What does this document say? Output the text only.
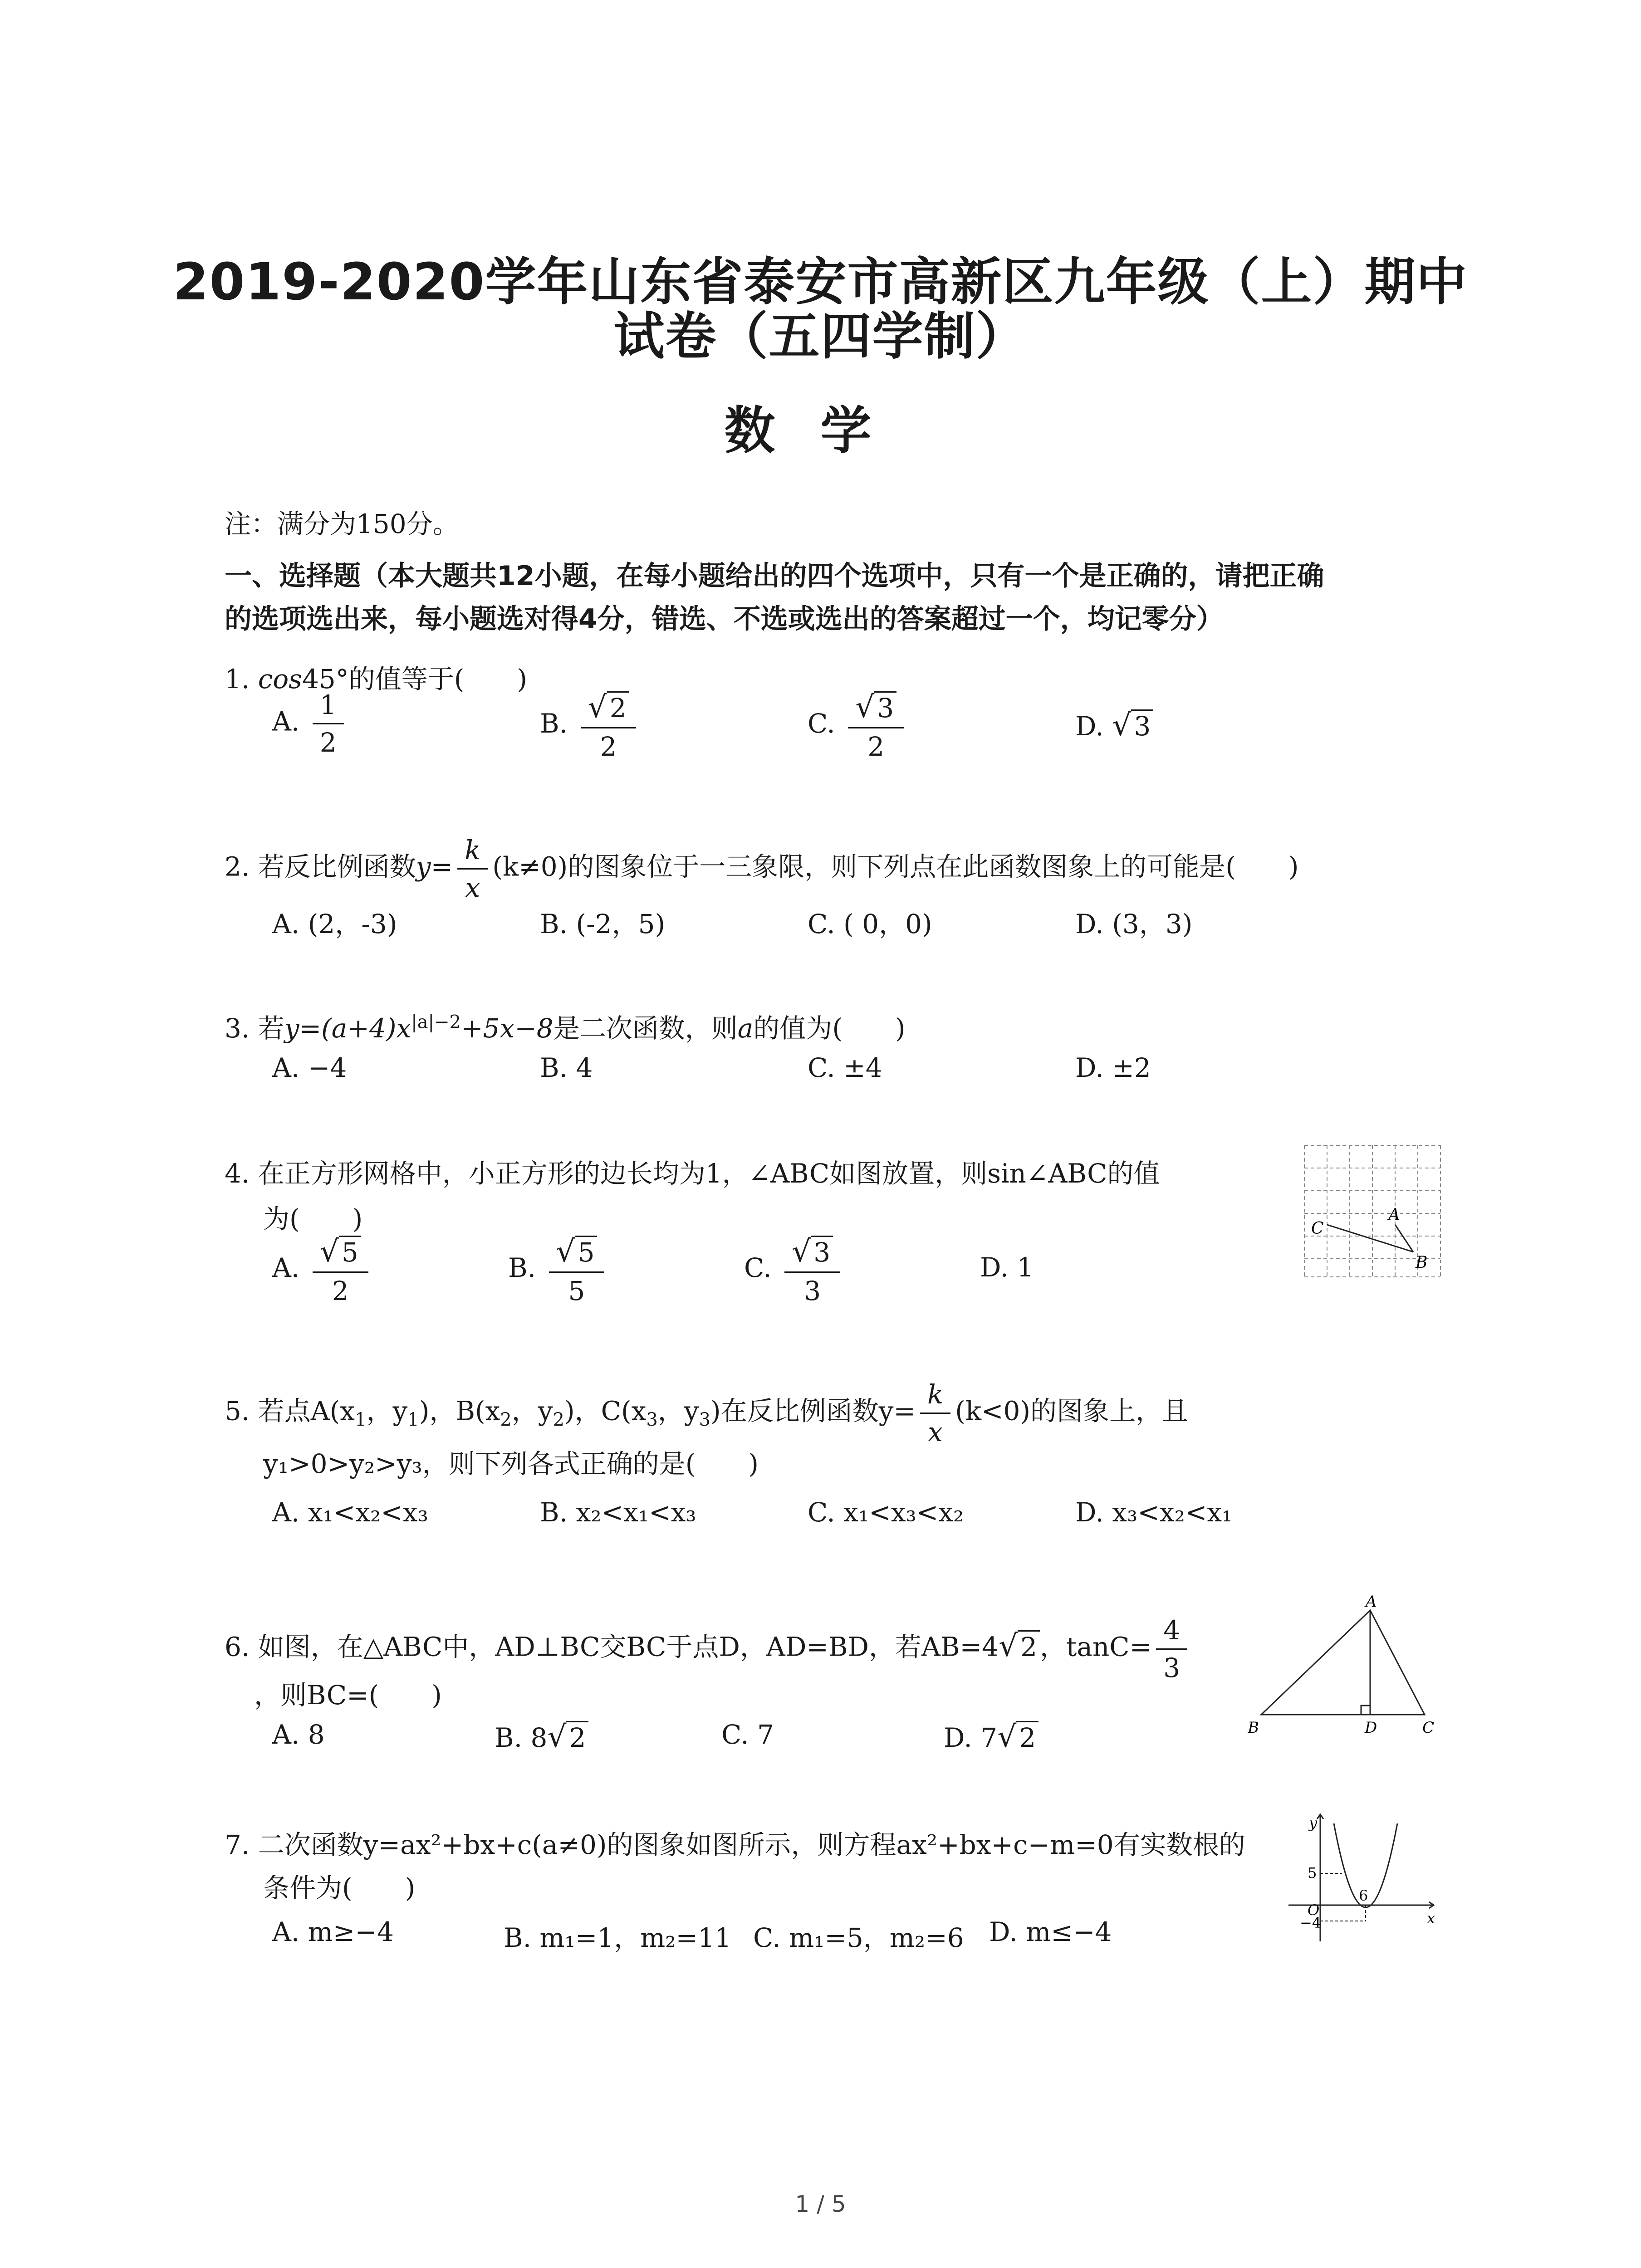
2019-2020学年山东省泰安市高新区九年级（上）期中
试卷（五四学制）
数学
注：满分为150分。
一、选择题（本大题共12小题，在每小题给出的四个选项中，只有一个是正确的，请把正确
的选项选出来，每小题选对得4分，错选、不选或选出的答案超过一个，均记零分）
1. cos45°的值等于(　　)
A. $\frac{1}{2}$	B. $\frac{√ 2}{2}$	C. $\frac{√ 3}{2}$	D. √ 3
2. 若反比例函数$y= \frac{k}{x} (k\ne 0)$的图象位于一三象限，则下列点在此函数图象上的可能是(　　)
A. (2，-3)	B. (-2，5)	C. ( 0，0)	D. (3，3)
3. 若$y=(a+4)x^{|a|-2}+5x-8$是二次函数，则a的值为(　　)
A. −4	B. 4	C. ±4	D. ±2
4. 在正方形网格中，小正方形的边长均为1，∠ABC如图放置，则sin∠ABC的值
为(　　)
A. $\frac{√ 5}{2}$	B. $\frac{√ 5}{5}$	C. $\frac{√ 3}{3}$	D. 1
C
A
B
5. 若点$A(x_1$，$y_1$)，$B(x_2$，$y_2$)，$C(x_3$，$y_3$)在反比例函数$y= \frac{k}{x} (k<0)$的图象上，且
y₁>0>y₂>y₃，则下列各式正确的是(　　)
A. x₁<x₂<x₃	B. x₂<x₁<x₃	C. x₁<x₃<x₂	D. x₃<x₂<x₁
6. 如图，在△ABC中，AD⊥BC交BC于点D，AD=BD，若AB=4√ 2 ，$\tan C= \frac{4}{3}$
，则BC=(　　)
A. 8	B. 8√ 2	C. 7	D. 7√ 2
A
B	D	C
7. 二次函数y=ax²+bx+c(a≠0)的图象如图所示，则方程ax²+bx+c−m=0有实数根的
条件为(　　)
A. m≥−4	B. m₁=1，m₂=11 C. m₁=5，m₂=6 D. m≤−4
y
x
O
5
6
−4
1 / 5
